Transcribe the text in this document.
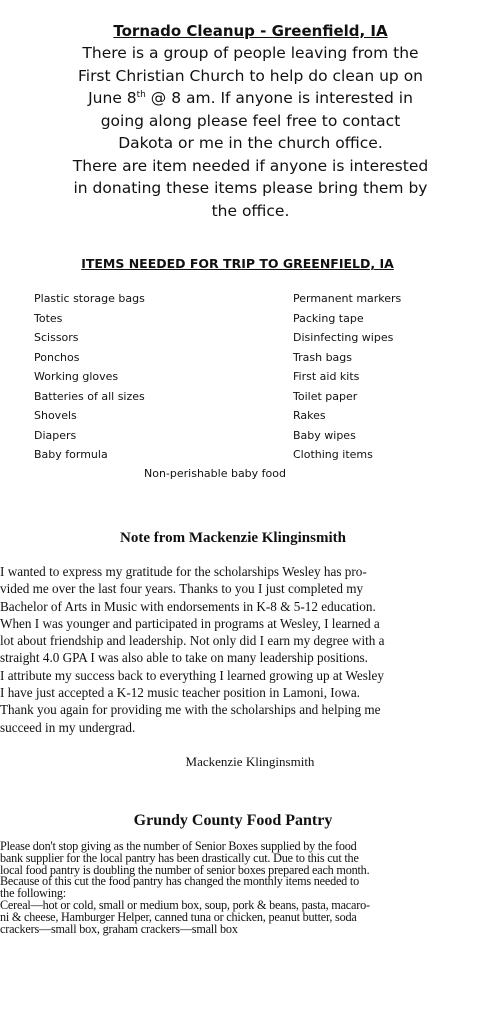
Tornado Cleanup - Greenfield, IA

There is a group of people leaving from the
First Christian Church to help do clean up on
June 8th @ 8 am. If anyone is interested in
going along please feel free to contact
Dakota or me in the church office.
There are item needed if anyone is interested
in donating these items please bring them by
the office.

ITEMS NEEDED FOR TRIP TO GREENFIELD, IA
Plastic storage bags
Totes
Scissors
Ponchos
Working gloves
Batteries of all sizes
Shovels
Diapers
Baby formula
Permanent markers
Packing tape
Disinfecting wipes
Trash bags
First aid kits
Toilet paper
Rakes
Baby wipes
Clothing items
Non-perishable baby food
Note from Mackenzie Klinginsmith

I wanted to express my gratitude for the scholarships Wesley has pro-
vided me over the last four years. Thanks to you I just completed my
Bachelor of Arts in Music with endorsements in K-8 & 5-12 education.
When I was younger and participated in programs at Wesley, I learned a
lot about friendship and leadership. Not only did I earn my degree with a
straight 4.0 GPA I was also able to take on many leadership positions.
I attribute my success back to everything I learned growing up at Wesley
I have just accepted a K-12 music teacher position in Lamoni, Iowa.
Thank you again for providing me with the scholarships and helping me
succeed in my undergrad.

Mackenzie Klinginsmith
Grundy County Food Pantry

Please don't stop giving as the number of Senior Boxes supplied by the food
bank supplier for the local pantry has been drastically cut. Due to this cut the
local food pantry is doubling the number of senior boxes prepared each month.
Because of this cut the food pantry has changed the monthly items needed to
the following:
Cereal—hot or cold, small or medium box, soup, pork & beans, pasta, macaro-
ni & cheese, Hamburger Helper, canned tuna or chicken, peanut butter, soda
crackers—small box, graham crackers—small box
